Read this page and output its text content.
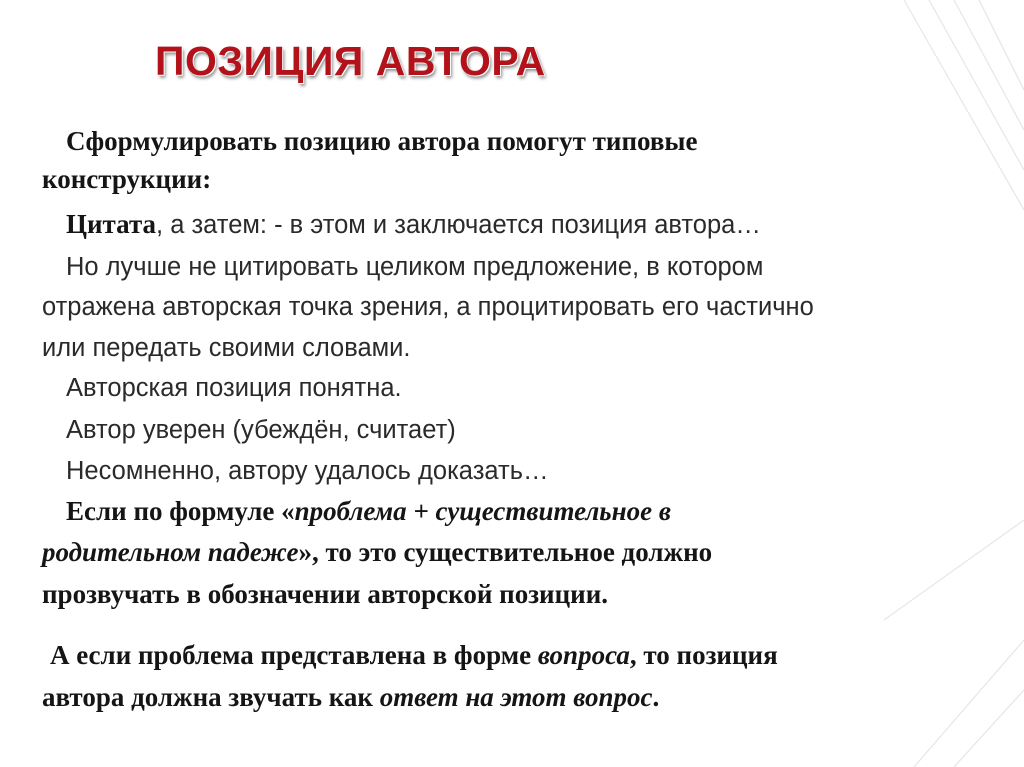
ПОЗИЦИЯ АВТОРА
Сформулировать позицию автора помогут типовые
конструкции:
Цитата, а затем: - в этом и заключается позиция автора…
Но лучше не цитировать целиком предложение, в котором
отражена авторская точка зрения, а процитировать его частично
или передать своими словами.
Авторская позиция понятна.
Автор уверен (убеждён, считает)
Несомненно, автору удалось доказать…
Если по формуле «проблема + существительное в
родительном падеже», то это существительное должно
прозвучать в обозначении авторской позиции.
А если проблема представлена в форме вопроса, то позиция
автора должна звучать как ответ на этот вопрос.
